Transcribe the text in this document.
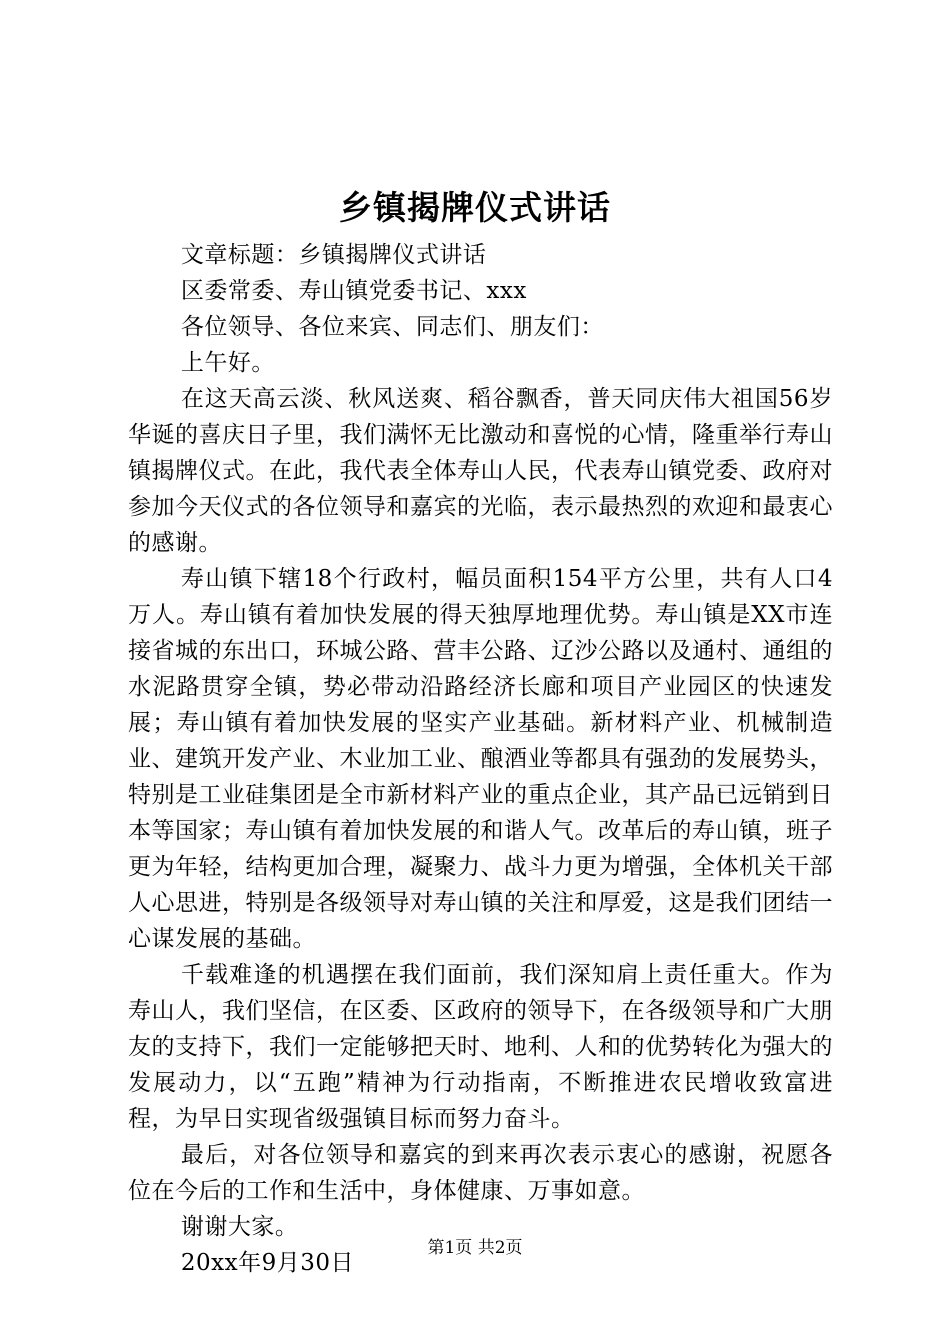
乡镇揭牌仪式讲话

文章标题：乡镇揭牌仪式讲话

区委常委、寿山镇党委书记、xxx

各位领导、各位来宾、同志们、朋友们：

上午好。

在这天高云淡、秋风送爽、稻谷飘香，普天同庆伟大祖国56岁华诞的喜庆日子里，我们满怀无比激动和喜悦的心情，隆重举行寿山镇揭牌仪式。在此，我代表全体寿山人民，代表寿山镇党委、政府对参加今天仪式的各位领导和嘉宾的光临，表示最热烈的欢迎和最衷心的感谢。

寿山镇下辖18个行政村，幅员面积154平方公里，共有人口4万人。寿山镇有着加快发展的得天独厚地理优势。寿山镇是XX市连接省城的东出口，环城公路、营丰公路、辽沙公路以及通村、通组的水泥路贯穿全镇，势必带动沿路经济长廊和项目产业园区的快速发展；寿山镇有着加快发展的坚实产业基础。新材料产业、机械制造业、建筑开发产业、木业加工业、酿酒业等都具有强劲的发展势头，特别是工业硅集团是全市新材料产业的重点企业，其产品已远销到日本等国家；寿山镇有着加快发展的和谐人气。改革后的寿山镇，班子更为年轻，结构更加合理，凝聚力、战斗力更为增强，全体机关干部人心思进，特别是各级领导对寿山镇的关注和厚爱，这是我们团结一心谋发展的基础。

千载难逢的机遇摆在我们面前，我们深知肩上责任重大。作为寿山人，我们坚信，在区委、区政府的领导下，在各级领导和广大朋友的支持下，我们一定能够把天时、地利、人和的优势转化为强大的发展动力，以“五跑”精神为行动指南，不断推进农民增收致富进程，为早日实现省级强镇目标而努力奋斗。

最后，对各位领导和嘉宾的到来再次表示衷心的感谢，祝愿各位在今后的工作和生活中，身体健康、万事如意。

谢谢大家。

20xx年9月30日

第1页 共2页
